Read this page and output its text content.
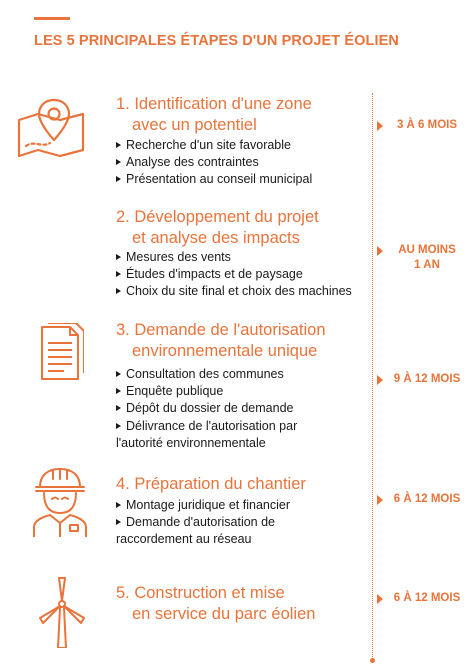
LES 5 PRINCIPALES ÉTAPES D'UN PROJET ÉOLIEN
1. Identification d'une zone
avec un potentiel
Recherche d'un site favorable
Analyse des contraintes
Présentation au conseil municipal
3 À 6 MOIS
2. Développement du projet
et analyse des impacts
Mesures des vents
Études d'impacts et de paysage
Choix du site final et choix des machines
AU MOINS
1 AN
3. Demande de l'autorisation
environnementale unique
Consultation des communes
Enquête publique
Dépôt du dossier de demande
Délivrance de l'autorisation par
l'autorité environnementale
9 À 12 MOIS
4. Préparation du chantier
Montage juridique et financier
Demande d'autorisation de
raccordement au réseau
6 À 12 MOIS
5. Construction et mise
en service du parc éolien
6 À 12 MOIS
